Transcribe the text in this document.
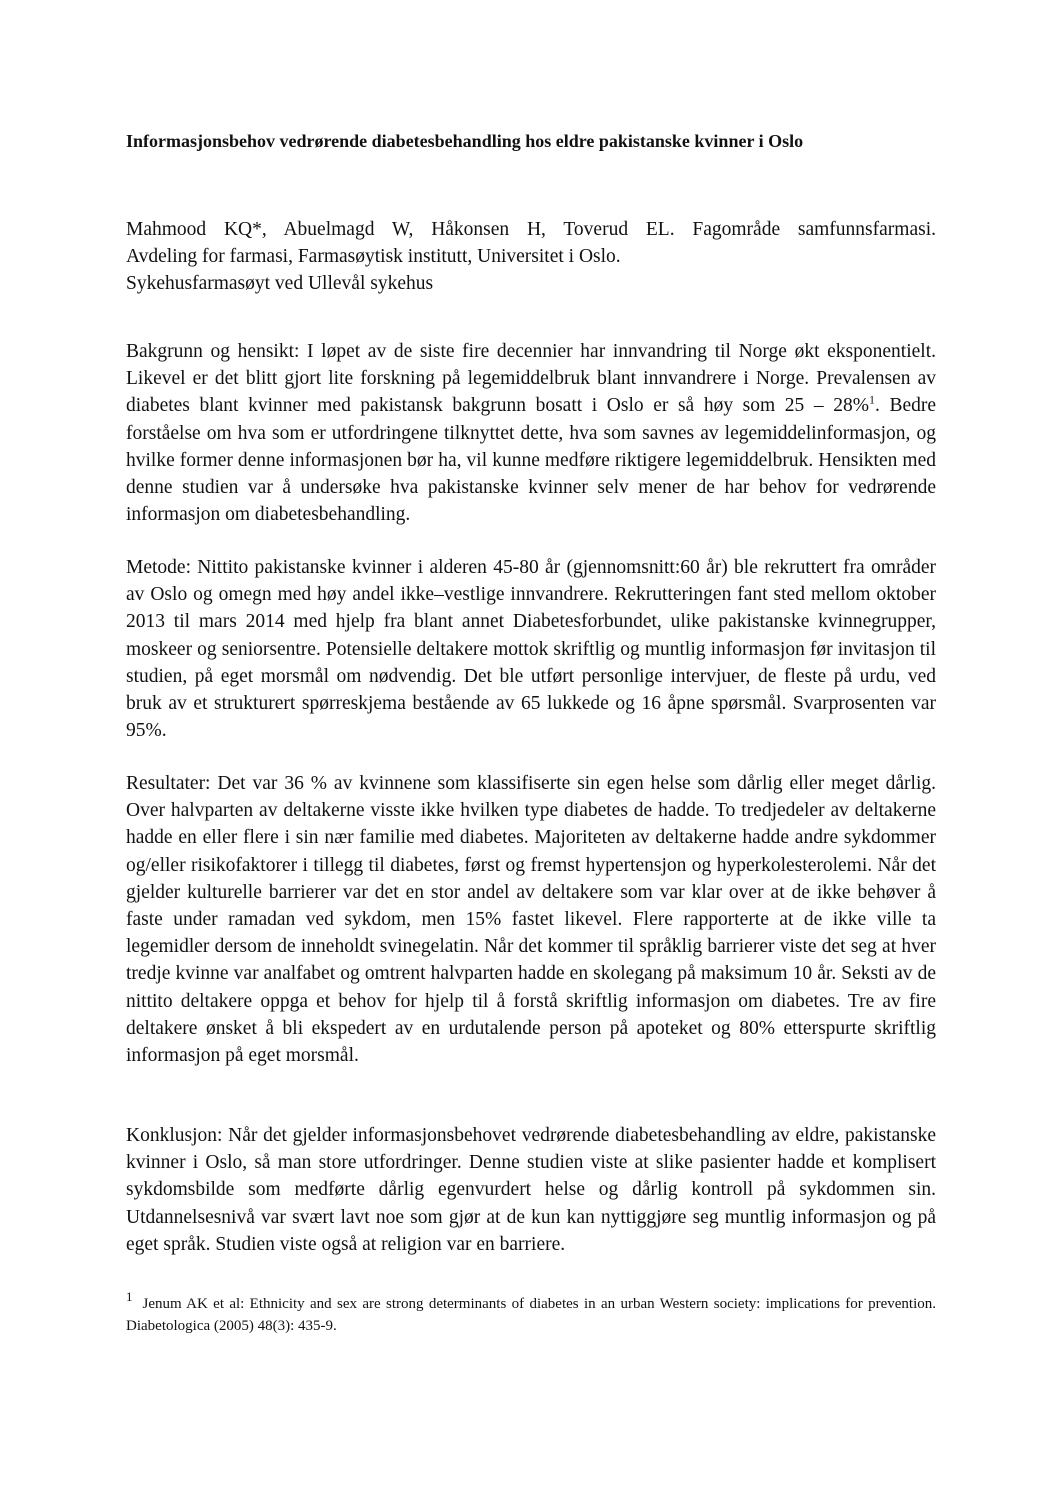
Informasjonsbehov vedrørende diabetesbehandling hos eldre pakistanske kvinner i Oslo
Mahmood KQ*, Abuelmagd W, Håkonsen H, Toverud EL. Fagområde samfunnsfarmasi.
Avdeling for farmasi, Farmasøytisk institutt, Universitet i Oslo.
Sykehusfarmasøyt ved Ullevål sykehus

Bakgrunn og hensikt: I løpet av de siste fire decennier har innvandring til Norge økt eksponentielt. Likevel er det blitt gjort lite forskning på legemiddelbruk blant innvandrere i Norge. Prevalensen av diabetes blant kvinner med pakistansk bakgrunn bosatt i Oslo er så høy som 25 – 28%$^1$. Bedre forståelse om hva som er utfordringene tilknyttet dette, hva som savnes av legemiddelinformasjon, og hvilke former denne informasjonen bør ha, vil kunne medføre riktigere legemiddelbruk. Hensikten med denne studien var å undersøke hva pakistanske kvinner selv mener de har behov for vedrørende informasjon om diabetesbehandling.

Metode: Nittito pakistanske kvinner i alderen 45-80 år (gjennomsnitt:60 år) ble rekruttert fra områder av Oslo og omegn med høy andel ikke–vestlige innvandrere. Rekrutteringen fant sted mellom oktober 2013 til mars 2014 med hjelp fra blant annet Diabetesforbundet, ulike pakistanske kvinnegrupper, moskeer og seniorsentre. Potensielle deltakere mottok skriftlig og muntlig informasjon før invitasjon til studien, på eget morsmål om nødvendig. Det ble utført personlige intervjuer, de fleste på urdu, ved bruk av et strukturert spørreskjema bestående av 65 lukkede og 16 åpne spørsmål. Svarprosenten var 95%.

Resultater: Det var 36 % av kvinnene som klassifiserte sin egen helse som dårlig eller meget dårlig. Over halvparten av deltakerne visste ikke hvilken type diabetes de hadde. To tredjedeler av deltakerne hadde en eller flere i sin nær familie med diabetes. Majoriteten av deltakerne hadde andre sykdommer og/eller risikofaktorer i tillegg til diabetes, først og fremst hypertensjon og hyperkolesterolemi. Når det gjelder kulturelle barrierer var det en stor andel av deltakere som var klar over at de ikke behøver å faste under ramadan ved sykdom, men 15% fastet likevel. Flere rapporterte at de ikke ville ta legemidler dersom de inneholdt svinegelatin. Når det kommer til språklig barrierer viste det seg at hver tredje kvinne var analfabet og omtrent halvparten hadde en skolegang på maksimum 10 år. Seksti av de nittito deltakere oppga et behov for hjelp til å forstå skriftlig informasjon om diabetes. Tre av fire deltakere ønsket å bli ekspedert av en urdutalende person på apoteket og 80% etterspurte skriftlig informasjon på eget morsmål.

Konklusjon: Når det gjelder informasjonsbehovet vedrørende diabetesbehandling av eldre, pakistanske kvinner i Oslo, så man store utfordringer. Denne studien viste at slike pasienter hadde et komplisert sykdomsbilde som medførte dårlig egenvurdert helse og dårlig kontroll på sykdommen sin. Utdannelsesnivå var svært lavt noe som gjør at de kun kan nyttiggjøre seg muntlig informasjon og på eget språk. Studien viste også at religion var en barriere.

1 Jenum AK et al: Ethnicity and sex are strong determinants of diabetes in an urban Western society: implications for prevention. Diabetologica (2005) 48(3): 435-9.
